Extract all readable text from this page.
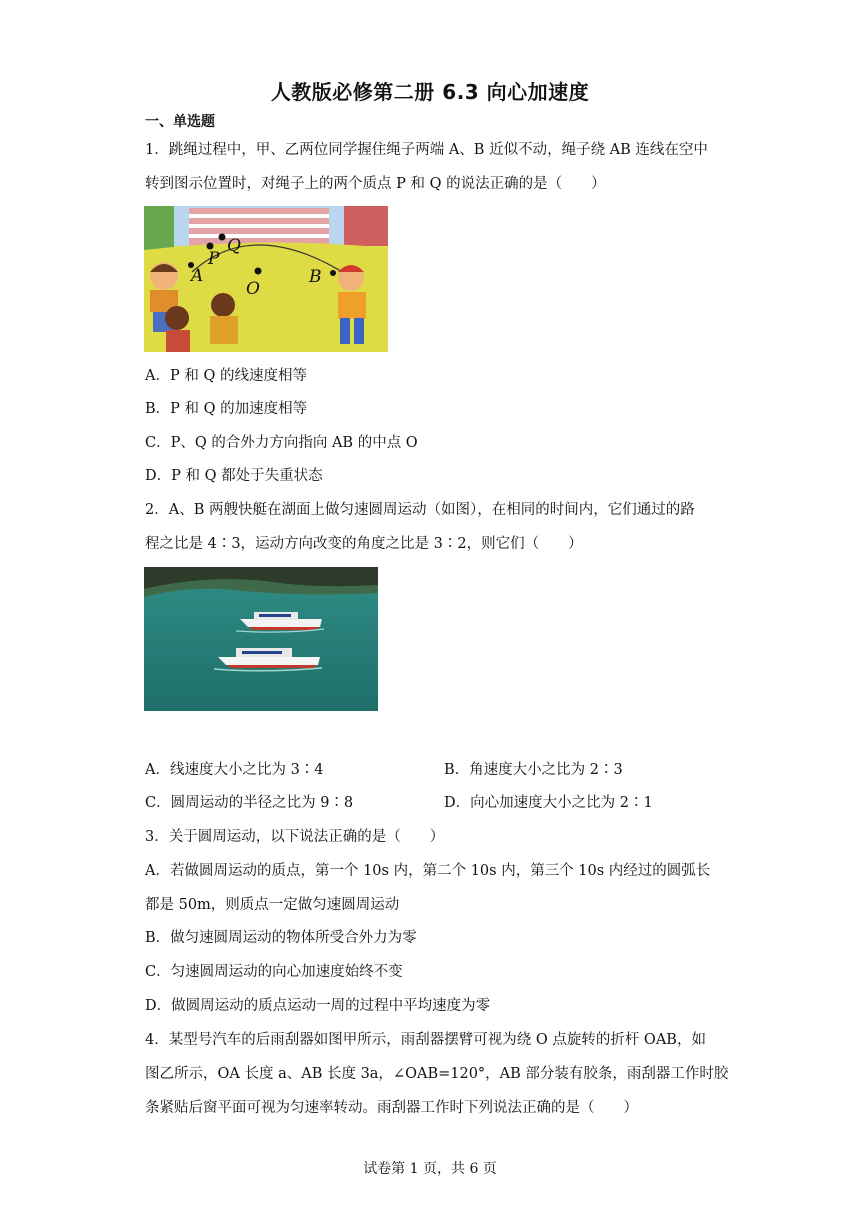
人教版必修第二册 6.3 向心加速度
一、单选题
1．跳绳过程中，甲、乙两位同学握住绳子两端 A、B 近似不动，绳子绕 AB 连线在空中
转到图示位置时，对绳子上的两个质点 P 和 Q 的说法正确的是（　　）
A
P
Q
O
B
A．P 和 Q 的线速度相等
B．P 和 Q 的加速度相等
C．P、Q 的合外力方向指向 AB 的中点 O
D．P 和 Q 都处于失重状态
2．A、B 两艘快艇在湖面上做匀速圆周运动（如图），在相同的时间内，它们通过的路
程之比是 4∶3，运动方向改变的角度之比是 3∶2，则它们（　　）
A．线速度大小之比为 3∶4	B．角速度大小之比为 2∶3
C．圆周运动的半径之比为 9∶8	D．向心加速度大小之比为 2∶1
3．关于圆周运动，以下说法正确的是（　　）
A．若做圆周运动的质点，第一个 10s 内，第二个 10s 内，第三个 10s 内经过的圆弧长
都是 50m，则质点一定做匀速圆周运动
B．做匀速圆周运动的物体所受合外力为零
C．匀速圆周运动的向心加速度始终不变
D．做圆周运动的质点运动一周的过程中平均速度为零
4．某型号汽车的后雨刮器如图甲所示，雨刮器摆臂可视为绕 O 点旋转的折杆 OAB，如
图乙所示，OA 长度 a、AB 长度 3a，∠OAB=120°，AB 部分装有胶条，雨刮器工作时胶
条紧贴后窗平面可视为匀速率转动。雨刮器工作时下列说法正确的是（　　）
试卷第 1 页，共 6 页
